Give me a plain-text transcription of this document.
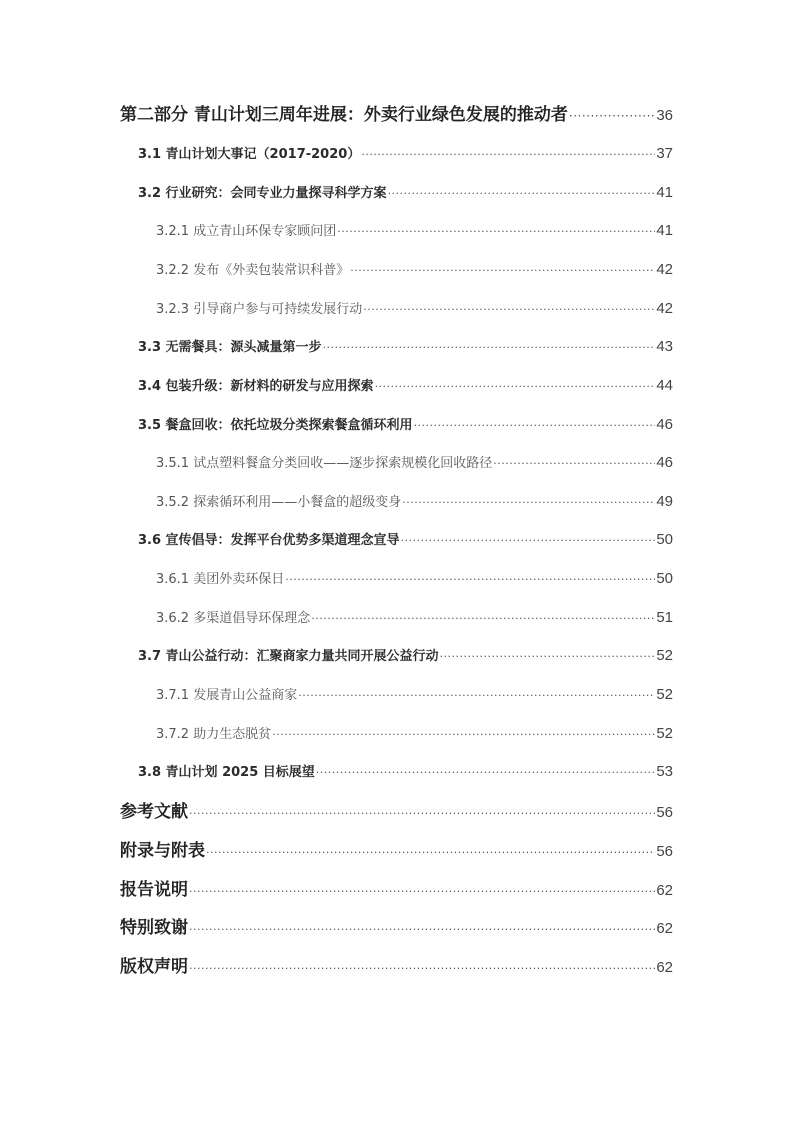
第二部分 青山计划三周年进展：外卖行业绿色发展的推动者 ·····	36
3.1 青山计划大事记（2017-2020） ·····	37
3.2 行业研究：会同专业力量探寻科学方案 ·····	41
3.2.1 成立青山环保专家顾问团 ·····	41
3.2.2 发布《外卖包装常识科普》 ·····	42
3.2.3 引导商户参与可持续发展行动 ·····	42
3.3 无需餐具：源头减量第一步 ·····	43
3.4 包装升级：新材料的研发与应用探索 ·····	44
3.5 餐盒回收：依托垃圾分类探索餐盒循环利用 ·····	46
3.5.1 试点塑料餐盒分类回收——逐步探索规模化回收路径 ·····	46
3.5.2 探索循环利用——小餐盒的超级变身 ·····	49
3.6 宣传倡导：发挥平台优势多渠道理念宣导 ·····	50
3.6.1 美团外卖环保日 ·····	50
3.6.2 多渠道倡导环保理念 ·····	51
3.7 青山公益行动：汇聚商家力量共同开展公益行动 ·····	52
3.7.1 发展青山公益商家 ·····	52
3.7.2 助力生态脱贫 ·····	52
3.8 青山计划 2025 目标展望 ·····	53
参考文献 ·····	56
附录与附表 ·····	56
报告说明 ·····	62
特别致谢 ·····	62
版权声明 ·····	62
